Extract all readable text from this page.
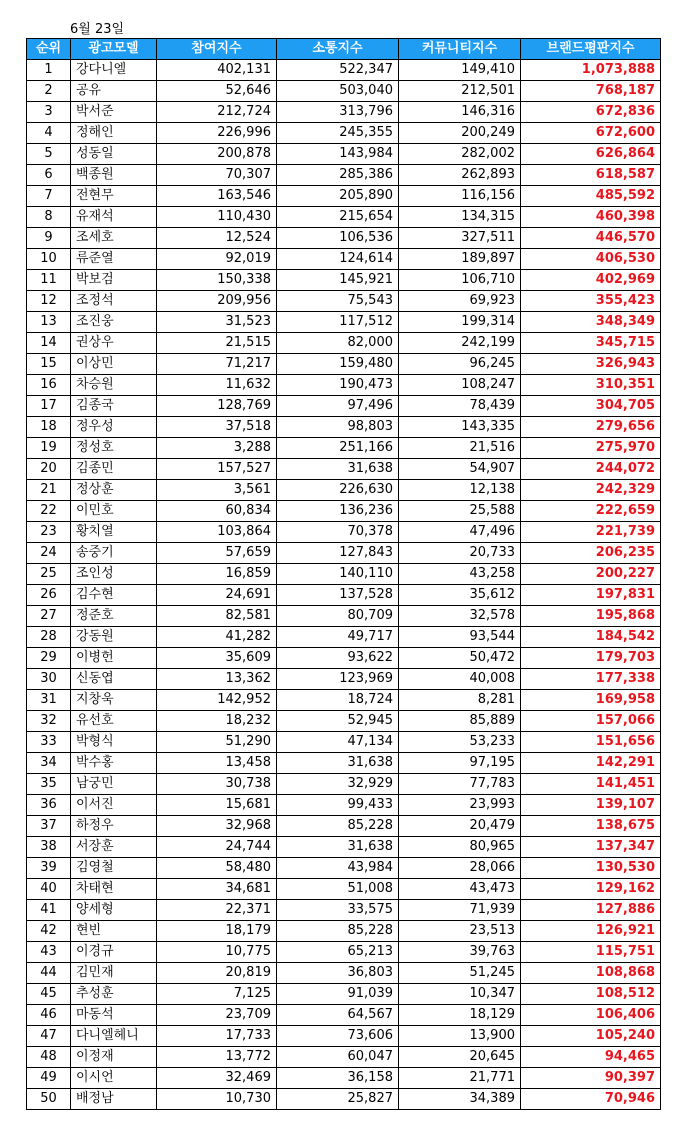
6월 23일
순위	광고모델	참여지수	소통지수	커뮤니티지수	브랜드평판지수
1	강다니엘	402,131	522,347	149,410	1,073,888
2	공유	52,646	503,040	212,501	768,187
3	박서준	212,724	313,796	146,316	672,836
4	정해인	226,996	245,355	200,249	672,600
5	성동일	200,878	143,984	282,002	626,864
6	백종원	70,307	285,386	262,893	618,587
7	전현무	163,546	205,890	116,156	485,592
8	유재석	110,430	215,654	134,315	460,398
9	조세호	12,524	106,536	327,511	446,570
10	류준열	92,019	124,614	189,897	406,530
11	박보검	150,338	145,921	106,710	402,969
12	조정석	209,956	75,543	69,923	355,423
13	조진웅	31,523	117,512	199,314	348,349
14	권상우	21,515	82,000	242,199	345,715
15	이상민	71,217	159,480	96,245	326,943
16	차승원	11,632	190,473	108,247	310,351
17	김종국	128,769	97,496	78,439	304,705
18	정우성	37,518	98,803	143,335	279,656
19	정성호	3,288	251,166	21,516	275,970
20	김종민	157,527	31,638	54,907	244,072
21	정상훈	3,561	226,630	12,138	242,329
22	이민호	60,834	136,236	25,588	222,659
23	황치열	103,864	70,378	47,496	221,739
24	송중기	57,659	127,843	20,733	206,235
25	조인성	16,859	140,110	43,258	200,227
26	김수현	24,691	137,528	35,612	197,831
27	정준호	82,581	80,709	32,578	195,868
28	강동원	41,282	49,717	93,544	184,542
29	이병헌	35,609	93,622	50,472	179,703
30	신동엽	13,362	123,969	40,008	177,338
31	지창욱	142,952	18,724	8,281	169,958
32	유선호	18,232	52,945	85,889	157,066
33	박형식	51,290	47,134	53,233	151,656
34	박수홍	13,458	31,638	97,195	142,291
35	남궁민	30,738	32,929	77,783	141,451
36	이서진	15,681	99,433	23,993	139,107
37	하정우	32,968	85,228	20,479	138,675
38	서장훈	24,744	31,638	80,965	137,347
39	김영철	58,480	43,984	28,066	130,530
40	차태현	34,681	51,008	43,473	129,162
41	양세형	22,371	33,575	71,939	127,886
42	현빈	18,179	85,228	23,513	126,921
43	이경규	10,775	65,213	39,763	115,751
44	김민재	20,819	36,803	51,245	108,868
45	추성훈	7,125	91,039	10,347	108,512
46	마동석	23,709	64,567	18,129	106,406
47	다니엘헤니	17,733	73,606	13,900	105,240
48	이정재	13,772	60,047	20,645	94,465
49	이시언	32,469	36,158	21,771	90,397
50	배정남	10,730	25,827	34,389	70,946
